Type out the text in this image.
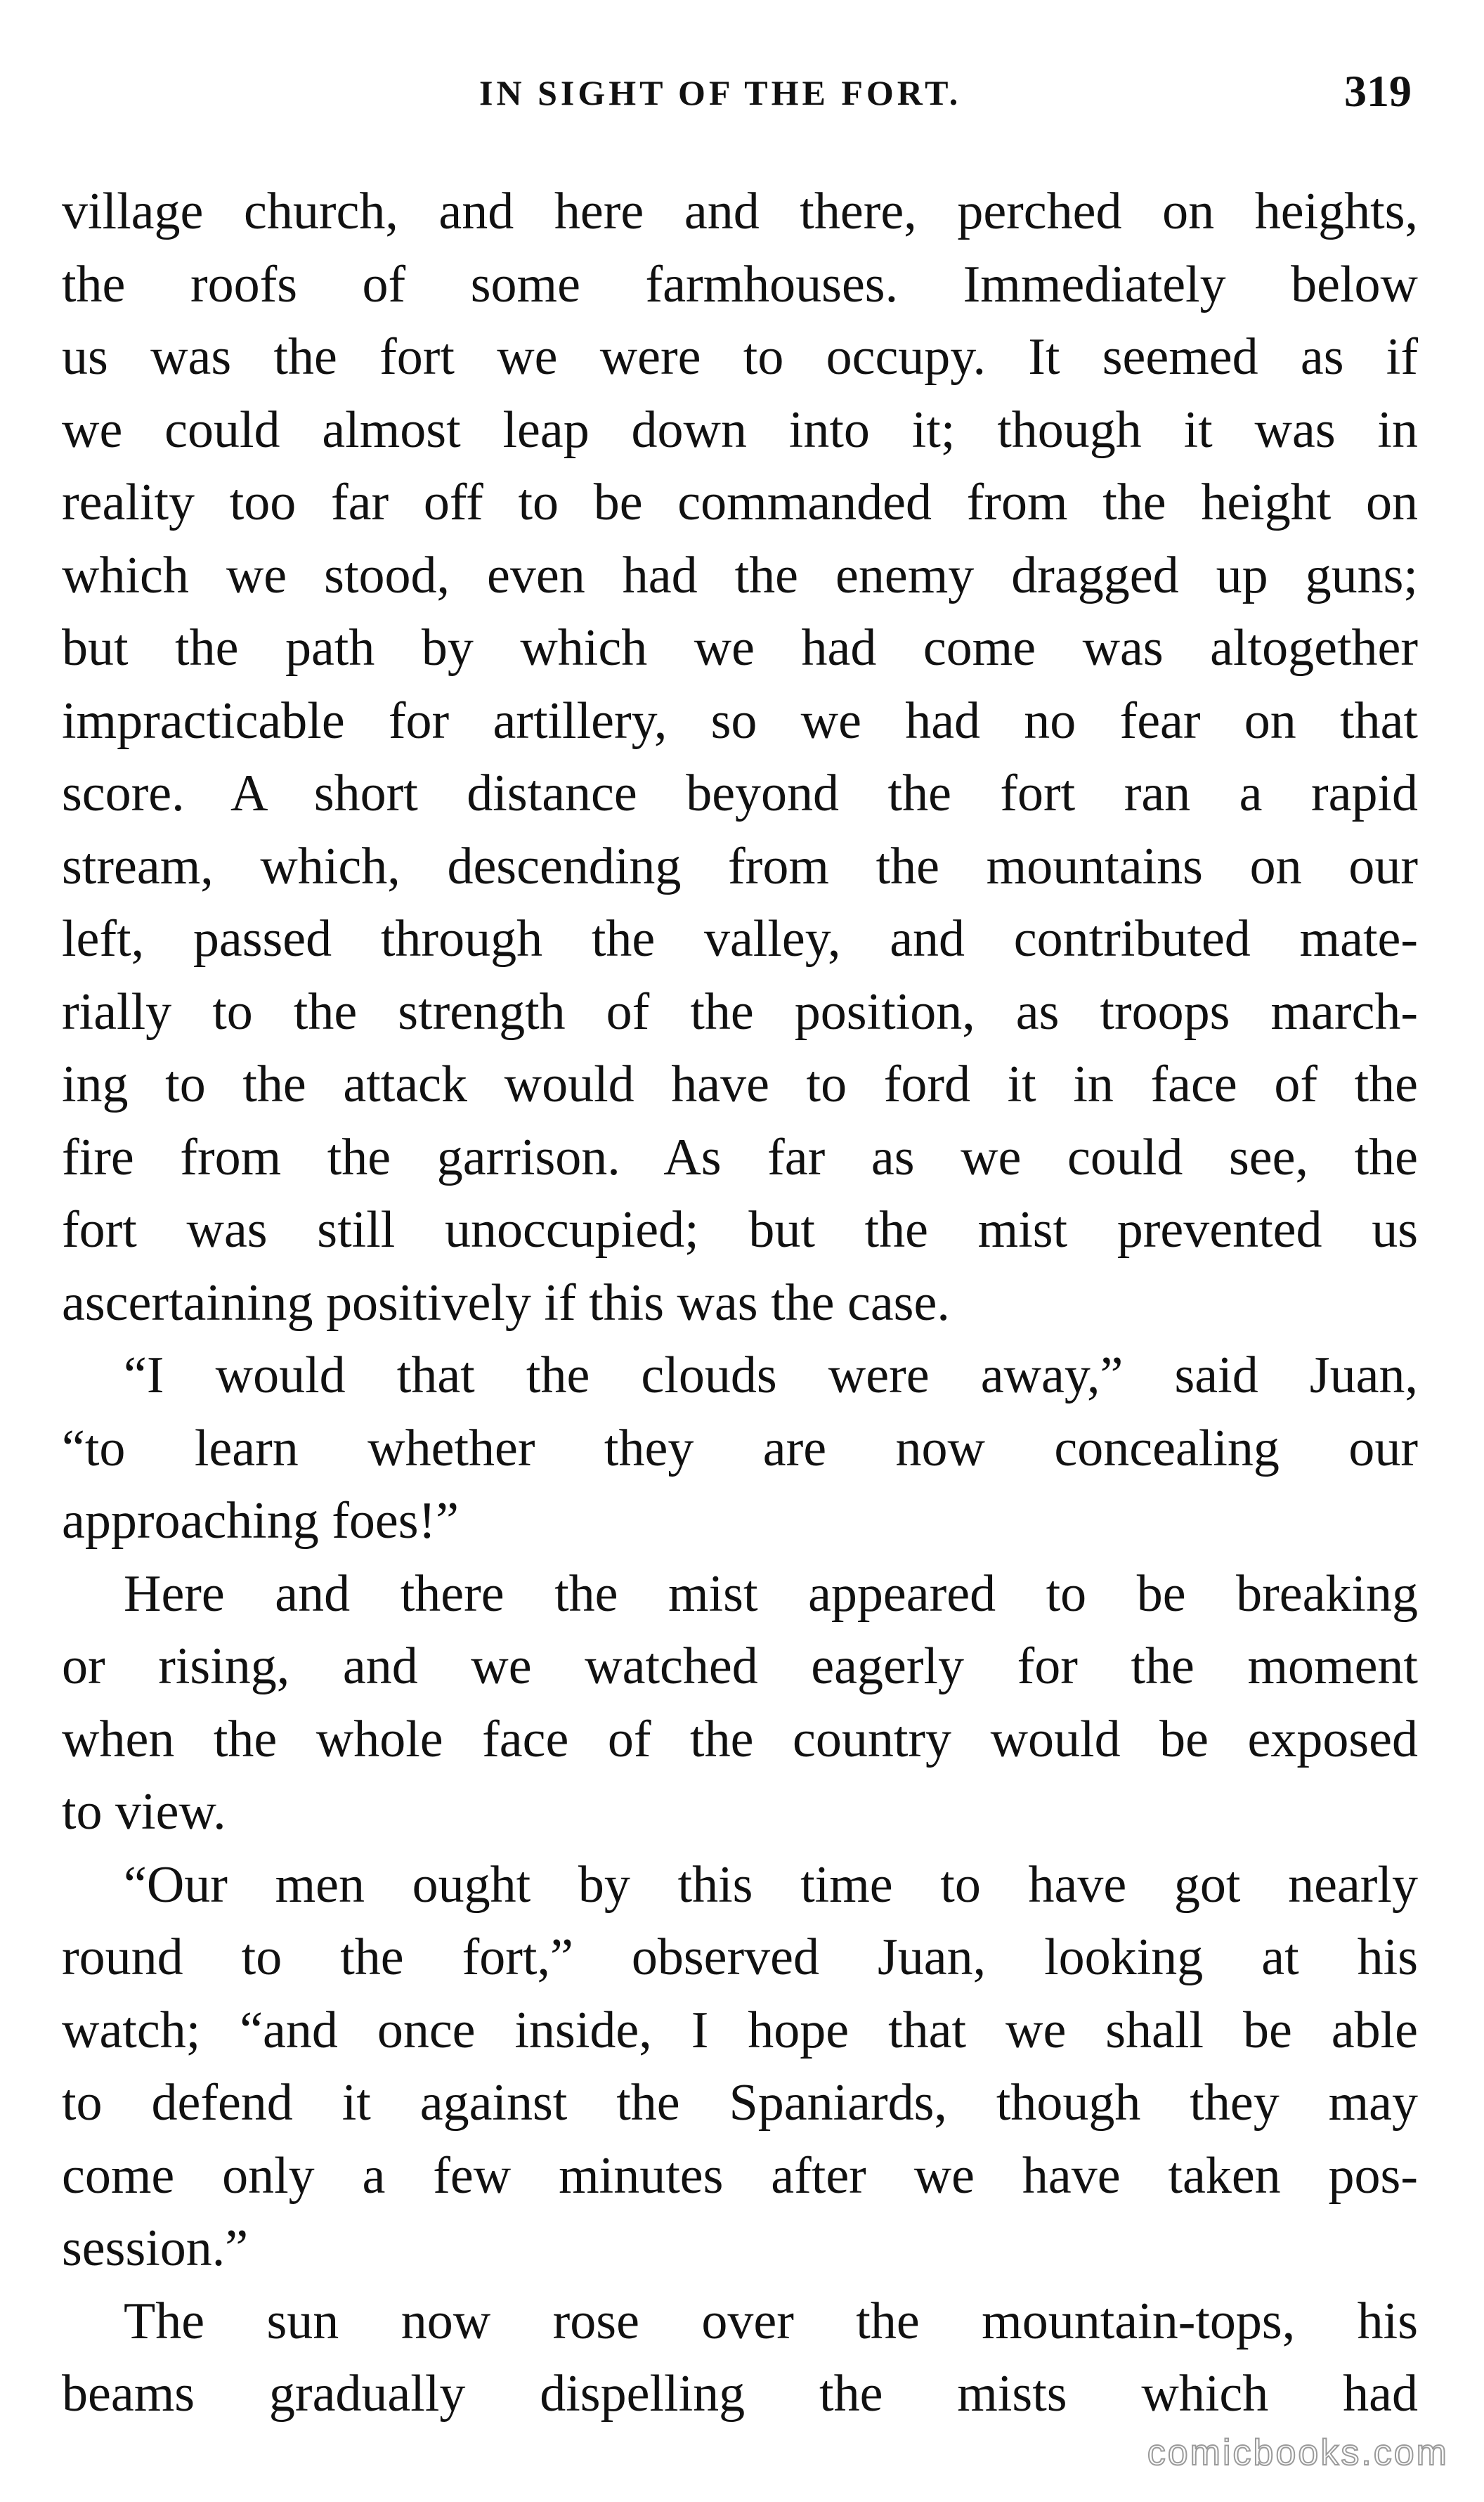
IN SIGHT OF THE FORT.	319
village church, and here and there, perched on heights,
the roofs of some farmhouses. Immediately below
us was the fort we were to occupy. It seemed as if
we could almost leap down into it; though it was in
reality too far off to be commanded from the height on
which we stood, even had the enemy dragged up guns;
but the path by which we had come was altogether
impracticable for artillery, so we had no fear on that
score. A short distance beyond the fort ran a rapid
stream, which, descending from the mountains on our
left, passed through the valley, and contributed mate-
rially to the strength of the position, as troops march-
ing to the attack would have to ford it in face of the
fire from the garrison. As far as we could see, the
fort was still unoccupied; but the mist prevented us
ascertaining positively if this was the case.
“I would that the clouds were away,” said Juan,
“to learn whether they are now concealing our
approaching foes!”
Here and there the mist appeared to be breaking
or rising, and we watched eagerly for the moment
when the whole face of the country would be exposed
to view.
“Our men ought by this time to have got nearly
round to the fort,” observed Juan, looking at his
watch; “and once inside, I hope that we shall be able
to defend it against the Spaniards, though they may
come only a few minutes after we have taken pos-
session.”
The sun now rose over the mountain-tops, his
beams gradually dispelling the mists which had
comicbooks.com
